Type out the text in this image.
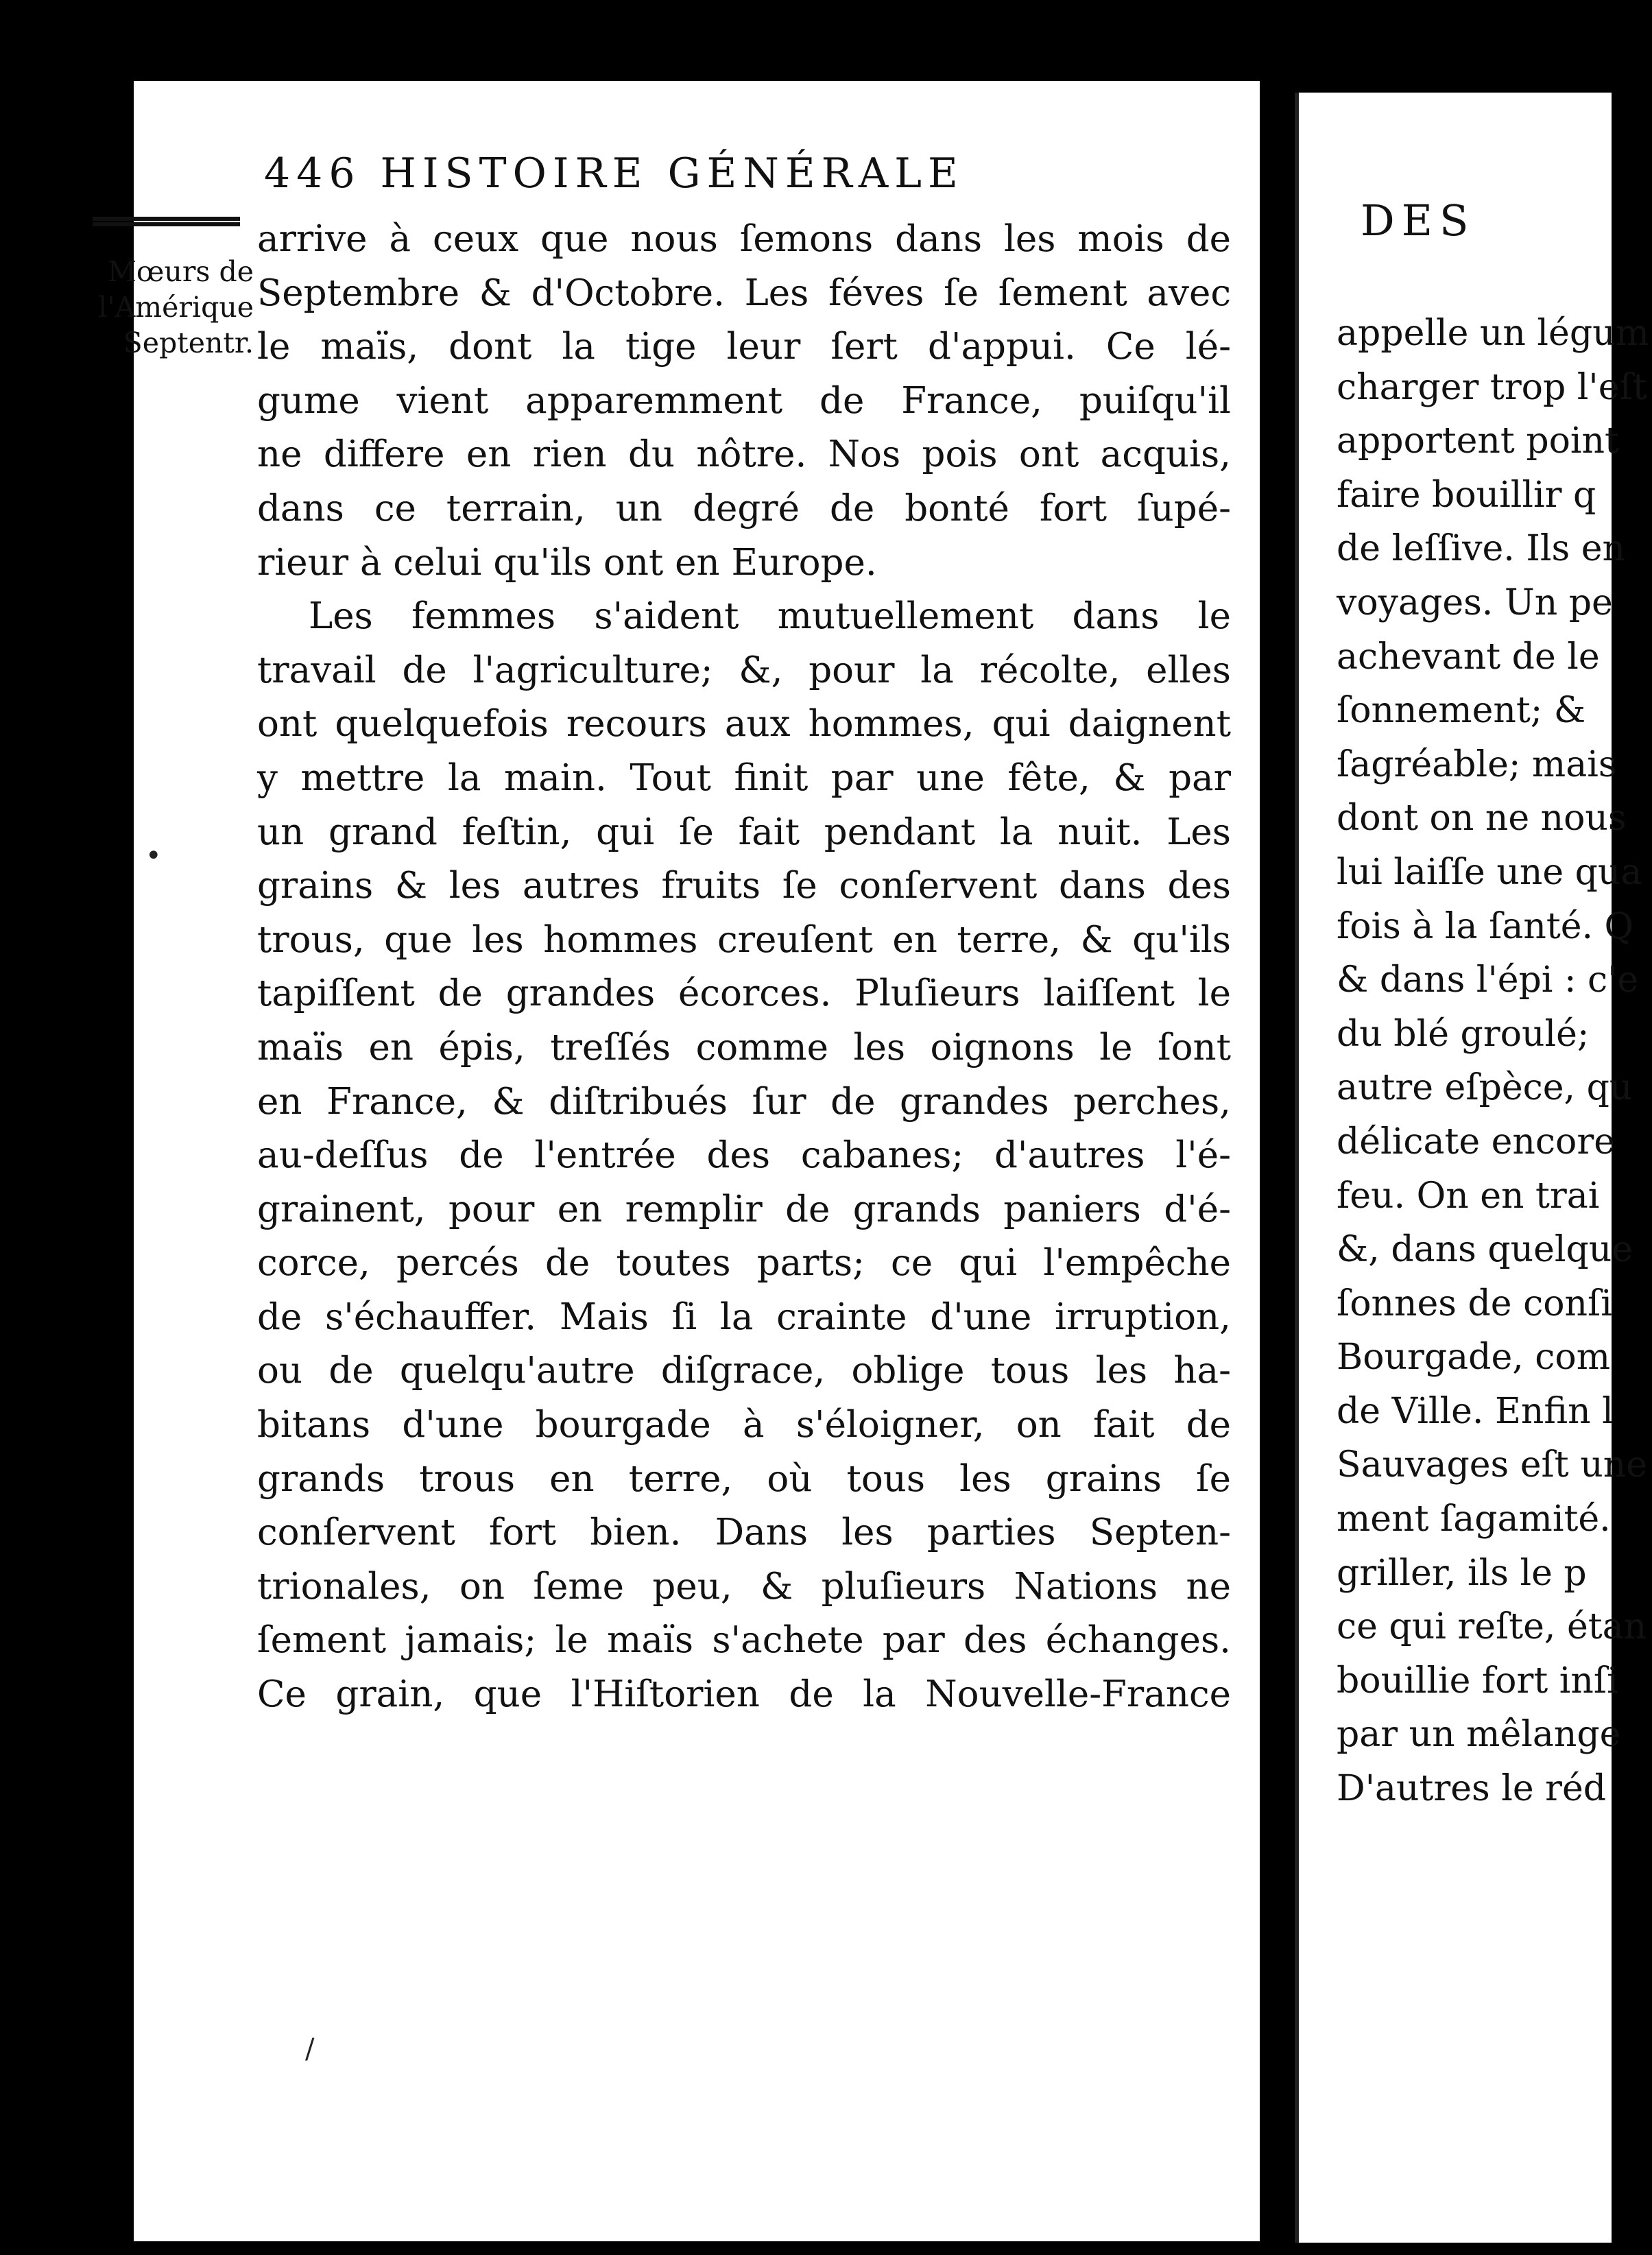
446 HISTOIRE GÉNÉRALE
Mœurs de
l'Amérique
Septentr.
arrive à ceux que nous ſemons dans les mois de
Septembre & d'Octobre. Les féves ſe ſement avec
le maïs, dont la tige leur ſert d'appui. Ce lé-
gume vient apparemment de France, puiſqu'il
ne differe en rien du nôtre. Nos pois ont acquis,
dans ce terrain, un degré de bonté fort ſupé-
rieur à celui qu'ils ont en Europe.
Les femmes s'aident mutuellement dans le
travail de l'agriculture; &, pour la récolte, elles
ont quelquefois recours aux hommes, qui daignent
y mettre la main. Tout finit par une fête, & par
un grand feſtin, qui ſe fait pendant la nuit. Les
grains & les autres fruits ſe conſervent dans des
trous, que les hommes creuſent en terre, & qu'ils
tapiſſent de grandes écorces. Pluſieurs laiſſent le
maïs en épis, treſſés comme les oignons le ſont
en France, & diſtribués ſur de grandes perches,
au-deſſus de l'entrée des cabanes; d'autres l'é-
grainent, pour en remplir de grands paniers d'é-
corce, percés de toutes parts; ce qui l'empêche
de s'échauffer. Mais ſi la crainte d'une irruption,
ou de quelqu'autre diſgrace, oblige tous les ha-
bitans d'une bourgade à s'éloigner, on fait de
grands trous en terre, où tous les grains ſe
conſervent fort bien. Dans les parties Septen-
trionales, on ſeme peu, & pluſieurs Nations ne
ſement jamais; le maïs s'achete par des échanges.
Ce grain, que l'Hiſtorien de la Nouvelle-France
/
•
DES
appelle un légum
charger trop l'eſt
apportent point
faire bouillir q
de leſſive. Ils en
voyages. Un pe
achevant de le
ſonnement; &
ſagréable; mais
dont on ne nous
lui laiſſe une qua
fois à la ſanté. Q
& dans l'épi : c'e
du blé groulé;
autre eſpèce, qu
délicate encore
feu. On en trai
&, dans quelque
ſonnes de conſi
Bourgade, com
de Ville. Enfin l
Sauvages eſt une
ment ſagamité.
griller, ils le p
ce qui reſte, étan
bouillie fort inſi
par un mêlange
D'autres le réd
